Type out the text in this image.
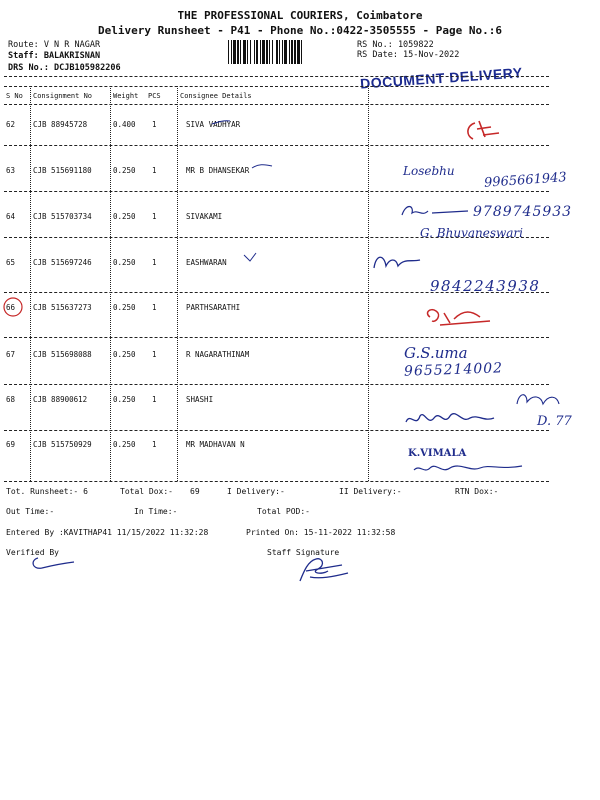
THE PROFESSIONAL COURIERS, Coimbatore
Delivery Runsheet - P41 - Phone No.:0422-3505555 - Page No.:6
Route: V N R NAGAR
Staff: BALAKRISNAN
DRS No.: DCJB105982206
RS No.: 1059822
RS Date: 15-Nov-2022
DOCUMENT DELIVERY
S No Consignment No	Weight PCS	Consignee Details
62 CJB 88945728	0.400 1	SIVA VADHYAR
63 CJB 515691180	0.250 1	MR B DHANSEKAR	Losebhu 9965661943
64 CJB 515703734	0.250 1	SIVAKAMI	9789745933
G. Bhuvaneswari
65 CJB 515697246	0.250 1	EASHWARAN
9842243938
66 CJB 515637273	0.250 1	PARTHSARATHI
67 CJB 515698088	0.250 1	R NAGARATHINAM	G.S.uma
9655214002
68 CJB 88900612	0.250 1	SHASHI
D. 77
69 CJB 515750929	0.250 1	MR MADHAVAN N
K.VIMALA
Tot. Runsheet:- 6	Total Dox:- 69	I Delivery:-	II Delivery:-	RTN Dox:-
Out Time:-	In Time:-	Total POD:-
Entered By :KAVITHAP41 11/15/2022 11:32:28	Printed On: 15-11-2022 11:32:58
Verified By	Staff Signature
